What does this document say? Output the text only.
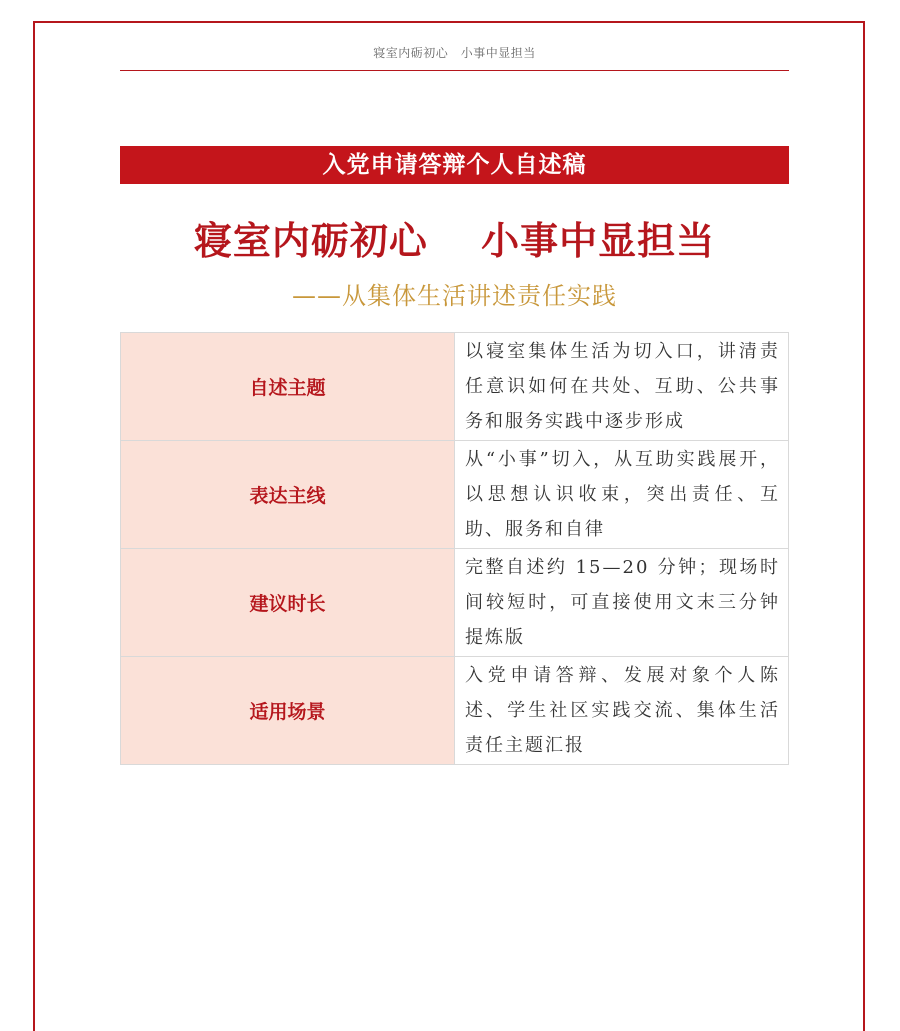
寝室内砺初心　小事中显担当
入党申请答辩个人自述稿
寝室内砺初心　 小事中显担当
——从集体生活讲述责任实践
自述主题	以寝室集体生活为切入口，讲清责任意识如何在共处、互助、公共事务和服务实践中逐步形成
表达主线	从“小事”切入，从互助实践展开，以思想认识收束，突出责任、互助、服务和自律
建议时长	完整自述约 15—20 分钟；现场时间较短时，可直接使用文末三分钟提炼版
适用场景	入党申请答辩、发展对象个人陈述、学生社区实践交流、集体生活责任主题汇报
